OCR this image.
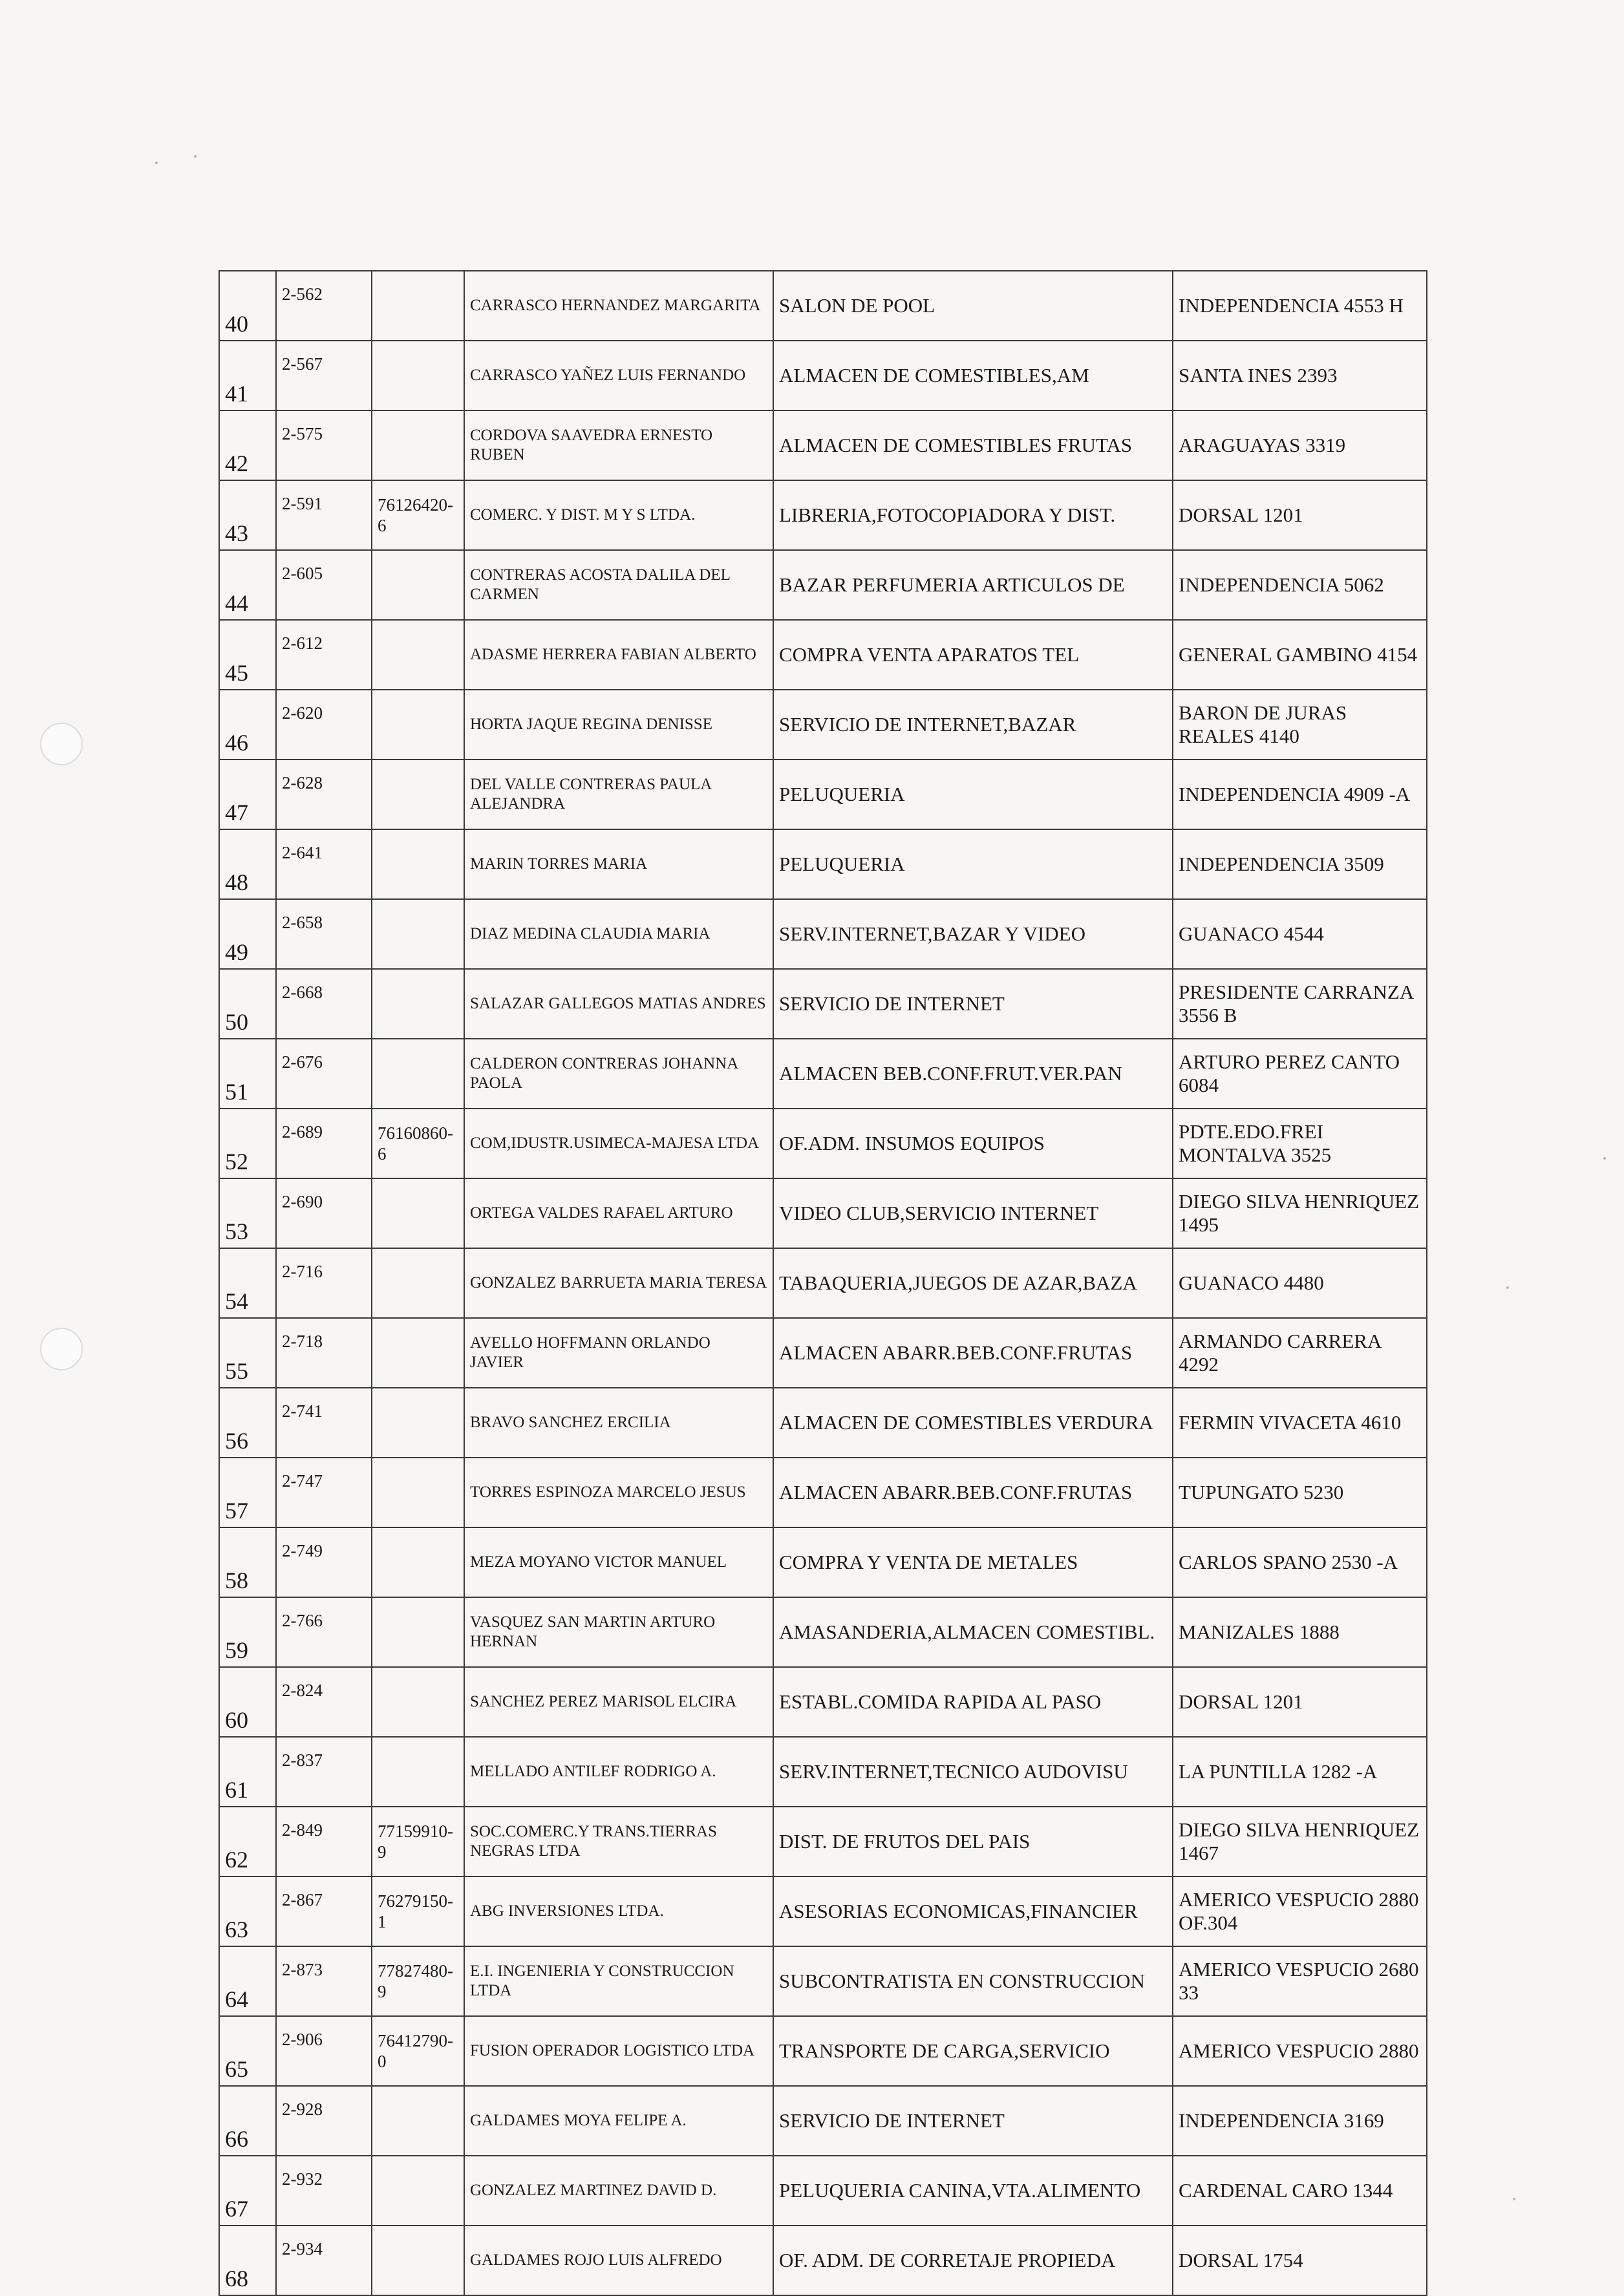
40	2-562		CARRASCO HERNANDEZ MARGARITA	SALON DE POOL	INDEPENDENCIA 4553 H
41	2-567		CARRASCO YAÑEZ LUIS FERNANDO	ALMACEN DE COMESTIBLES,AM	SANTA INES 2393
42	2-575		CORDOVA SAAVEDRA ERNESTO RUBEN	ALMACEN DE COMESTIBLES FRUTAS	ARAGUAYAS 3319
43	2-591	76126420-6	COMERC. Y DIST. M Y S LTDA.	LIBRERIA,FOTOCOPIADORA Y DIST.	DORSAL 1201
44	2-605		CONTRERAS ACOSTA DALILA DEL CARMEN	BAZAR PERFUMERIA ARTICULOS DE	INDEPENDENCIA 5062
45	2-612		ADASME HERRERA FABIAN ALBERTO	COMPRA VENTA APARATOS TEL	GENERAL GAMBINO 4154
46	2-620		HORTA JAQUE REGINA DENISSE	SERVICIO DE INTERNET,BAZAR	BARON DE JURAS REALES 4140
47	2-628		DEL VALLE CONTRERAS PAULA ALEJANDRA	PELUQUERIA	INDEPENDENCIA 4909 -A
48	2-641		MARIN TORRES MARIA	PELUQUERIA	INDEPENDENCIA 3509
49	2-658		DIAZ MEDINA CLAUDIA MARIA	SERV.INTERNET,BAZAR Y VIDEO	GUANACO 4544
50	2-668		SALAZAR GALLEGOS MATIAS ANDRES	SERVICIO DE INTERNET	PRESIDENTE CARRANZA 3556 B
51	2-676		CALDERON CONTRERAS JOHANNA PAOLA	ALMACEN BEB.CONF.FRUT.VER.PAN	ARTURO PEREZ CANTO 6084
52	2-689	76160860-6	COM,IDUSTR.USIMECA-MAJESA LTDA	OF.ADM. INSUMOS EQUIPOS	PDTE.EDO.FREI MONTALVA 3525
53	2-690		ORTEGA VALDES RAFAEL ARTURO	VIDEO CLUB,SERVICIO INTERNET	DIEGO SILVA HENRIQUEZ 1495
54	2-716		GONZALEZ BARRUETA MARIA TERESA	TABAQUERIA,JUEGOS DE AZAR,BAZA	GUANACO 4480
55	2-718		AVELLO HOFFMANN ORLANDO JAVIER	ALMACEN ABARR.BEB.CONF.FRUTAS	ARMANDO CARRERA 4292
56	2-741		BRAVO SANCHEZ ERCILIA	ALMACEN DE COMESTIBLES VERDURA	FERMIN VIVACETA 4610
57	2-747		TORRES ESPINOZA MARCELO JESUS	ALMACEN ABARR.BEB.CONF.FRUTAS	TUPUNGATO 5230
58	2-749		MEZA MOYANO VICTOR MANUEL	COMPRA Y VENTA DE METALES	CARLOS SPANO 2530 -A
59	2-766		VASQUEZ SAN MARTIN ARTURO HERNAN	AMASANDERIA,ALMACEN COMESTIBL.	MANIZALES 1888
60	2-824		SANCHEZ PEREZ MARISOL ELCIRA	ESTABL.COMIDA RAPIDA AL PASO	DORSAL 1201
61	2-837		MELLADO ANTILEF RODRIGO A.	SERV.INTERNET,TECNICO AUDOVISU	LA PUNTILLA 1282 -A
62	2-849	77159910-9	SOC.COMERC.Y TRANS.TIERRAS NEGRAS LTDA	DIST. DE FRUTOS DEL PAIS	DIEGO SILVA HENRIQUEZ 1467
63	2-867	76279150-1	ABG INVERSIONES LTDA.	ASESORIAS ECONOMICAS,FINANCIER	AMERICO VESPUCIO 2880 OF.304
64	2-873	77827480-9	E.I. INGENIERIA Y CONSTRUCCION LTDA	SUBCONTRATISTA EN CONSTRUCCION	AMERICO VESPUCIO 2680 33
65	2-906	76412790-0	FUSION OPERADOR LOGISTICO LTDA	TRANSPORTE DE CARGA,SERVICIO	AMERICO VESPUCIO 2880
66	2-928		GALDAMES MOYA FELIPE A.	SERVICIO DE INTERNET	INDEPENDENCIA 3169
67	2-932		GONZALEZ MARTINEZ DAVID D.	PELUQUERIA CANINA,VTA.ALIMENTO	CARDENAL CARO 1344
68	2-934		GALDAMES ROJO LUIS ALFREDO	OF. ADM. DE CORRETAJE PROPIEDA	DORSAL 1754
